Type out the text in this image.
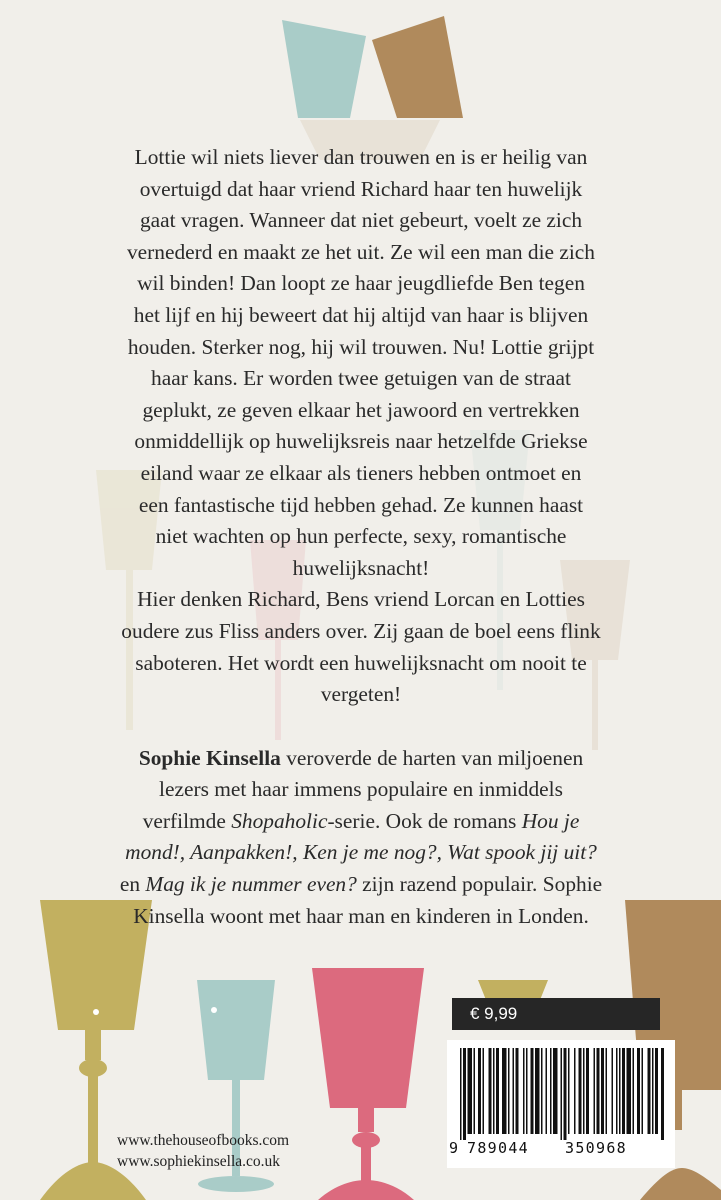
Lottie wil niets liever dan trouwen en is er heilig van
overtuigd dat haar vriend Richard haar ten huwelijk
gaat vragen. Wanneer dat niet gebeurt, voelt ze zich
vernederd en maakt ze het uit. Ze wil een man die zich
wil binden! Dan loopt ze haar jeugdliefde Ben tegen
het lijf en hij beweert dat hij altijd van haar is blijven
houden. Sterker nog, hij wil trouwen. Nu! Lottie grijpt
haar kans. Er worden twee getuigen van de straat
geplukt, ze geven elkaar het jawoord en vertrekken
onmiddellijk op huwelijksreis naar hetzelfde Griekse
eiland waar ze elkaar als tieners hebben ontmoet en
een fantastische tijd hebben gehad. Ze kunnen haast
niet wachten op hun perfecte, sexy, romantische
huwelijksnacht!
Hier denken Richard, Bens vriend Lorcan en Lotties
oudere zus Fliss anders over. Zij gaan de boel eens flink
saboteren. Het wordt een huwelijksnacht om nooit te
vergeten!

Sophie Kinsella veroverde de harten van miljoenen
lezers met haar immens populaire en inmiddels
verfilmde Shopaholic-serie. Ook de romans Hou je
mond!, Aanpakken!, Ken je me nog?, Wat spook jij uit?
en Mag ik je nummer even? zijn razend populair. Sophie
Kinsella woont met haar man en kinderen in Londen.

€ 9,99
9 789044 350968
www.thehouseofbooks.com
www.sophiekinsella.co.uk
